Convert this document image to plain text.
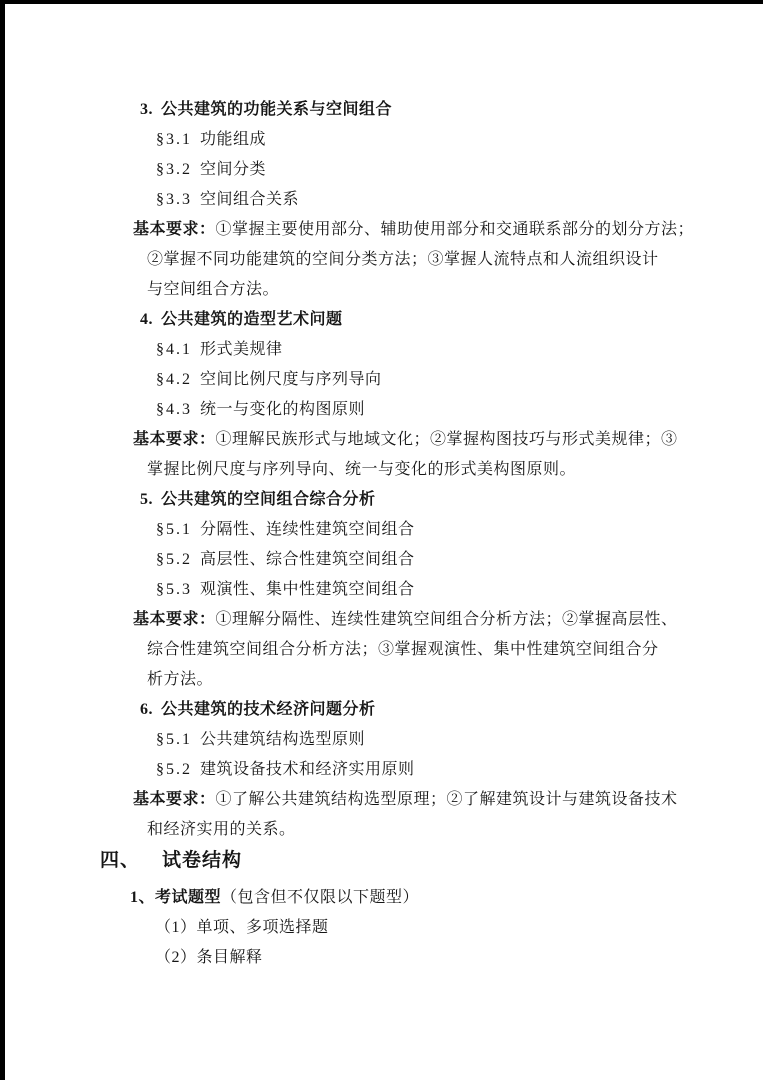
3. 公共建筑的功能关系与空间组合
§3.1 功能组成
§3.2 空间分类
§3.3 空间组合关系
基本要求：①掌握主要使用部分、辅助使用部分和交通联系部分的划分方法；
②掌握不同功能建筑的空间分类方法；③掌握人流特点和人流组织设计
与空间组合方法。
4. 公共建筑的造型艺术问题
§4.1 形式美规律
§4.2 空间比例尺度与序列导向
§4.3 统一与变化的构图原则
基本要求：①理解民族形式与地域文化；②掌握构图技巧与形式美规律；③
掌握比例尺度与序列导向、统一与变化的形式美构图原则。
5. 公共建筑的空间组合综合分析
§5.1 分隔性、连续性建筑空间组合
§5.2 高层性、综合性建筑空间组合
§5.3 观演性、集中性建筑空间组合
基本要求：①理解分隔性、连续性建筑空间组合分析方法；②掌握高层性、
综合性建筑空间组合分析方法；③掌握观演性、集中性建筑空间组合分
析方法。
6. 公共建筑的技术经济问题分析
§5.1 公共建筑结构选型原则
§5.2 建筑设备技术和经济实用原则
基本要求：①了解公共建筑结构选型原理；②了解建筑设计与建筑设备技术
和经济实用的关系。
四、 试卷结构
1、考试题型（包含但不仅限以下题型）
（1）单项、多项选择题
（2）条目解释
